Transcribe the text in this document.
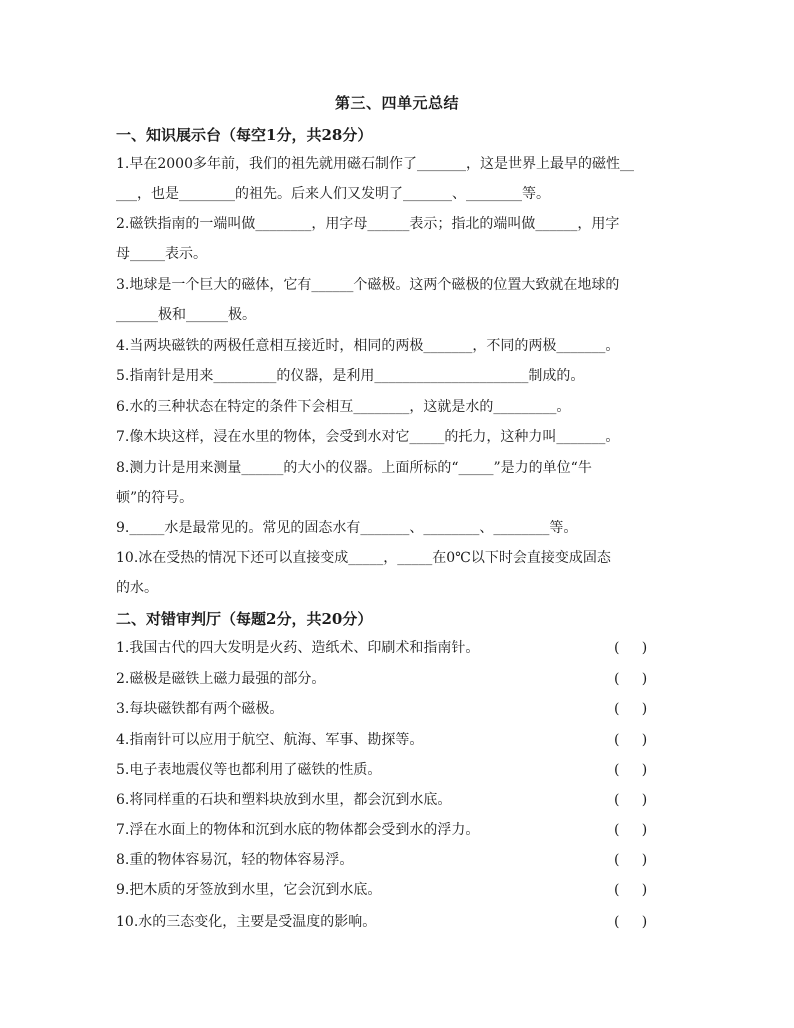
第三、四单元总结
一、知识展示台（每空1分，共28分）
1.早在2000多年前，我们的祖先就用磁石制作了_______，这是世界上最早的磁性__
___，也是________的祖先。后来人们又发明了_______、________等。
2.磁铁指南的一端叫做________，用字母______表示；指北的端叫做______，用字
母_____表示。
3.地球是一个巨大的磁体，它有______个磁极。这两个磁极的位置大致就在地球的
______极和______极。
4.当两块磁铁的两极任意相互接近时，相同的两极_______，不同的两极_______。
5.指南针是用来_________的仪器，是利用______________________制成的。
6.水的三种状态在特定的条件下会相互________，这就是水的_________。
7.像木块这样，浸在水里的物体，会受到水对它_____的托力，这种力叫_______。
8.测力计是用来测量______的大小的仪器。上面所标的“_____”是力的单位“牛
顿”的符号。
9._____水是最常见的。常见的固态水有_______、________、________等。
10.冰在受热的情况下还可以直接变成_____，_____在0℃以下时会直接变成固态
的水。
二、对错审判厅（每题2分，共20分）
1.我国古代的四大发明是火药、造纸术、印刷术和指南针。	(     )
2.磁极是磁铁上磁力最强的部分。	(     )
3.每块磁铁都有两个磁极。	(     )
4.指南针可以应用于航空、航海、军事、勘探等。	(     )
5.电子表地震仪等也都利用了磁铁的性质。	(     )
6.将同样重的石块和塑料块放到水里，都会沉到水底。	(     )
7.浮在水面上的物体和沉到水底的物体都会受到水的浮力。	(     )
8.重的物体容易沉，轻的物体容易浮。	(     )
9.把木质的牙签放到水里，它会沉到水底。	(     )
10.水的三态变化，主要是受温度的影响。	(     )
